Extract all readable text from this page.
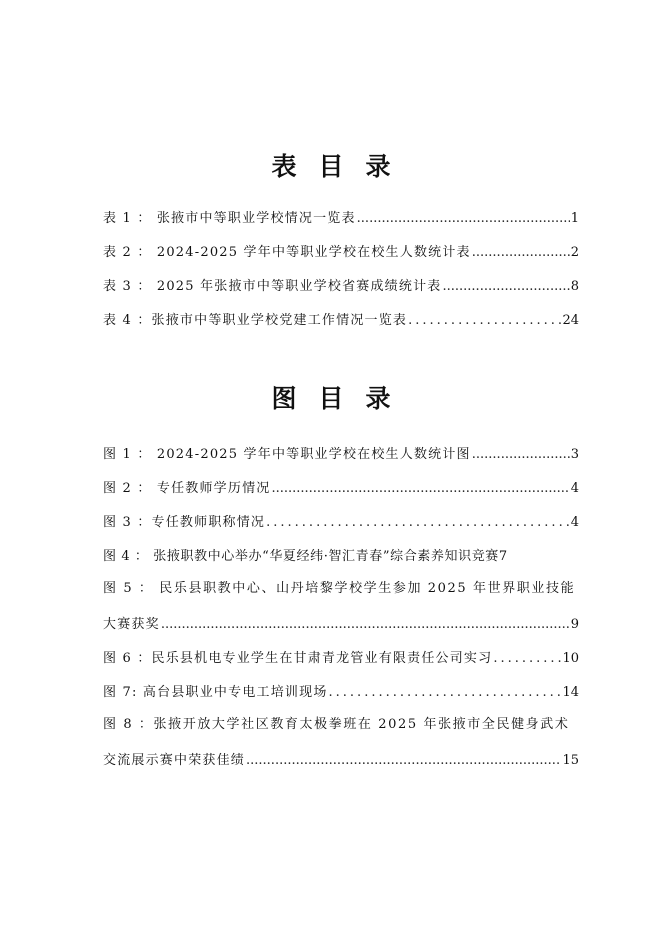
表目录
表 1 ： 张掖市中等职业学校情况一览表 .....	1
表 2 ： 2024-2025 学年中等职业学校在校生人数统计表 .....	2
表 3 ： 2025 年张掖市中等职业学校省赛成绩统计表 .....	8
表 4 ：张掖市中等职业学校党建工作情况一览表 .....	24
图目录
图 1 ： 2024-2025 学年中等职业学校在校生人数统计图 .....	3
图 2 ： 专任教师学历情况 .....	4
图 3 ：专任教师职称情况 .....	4
图 4 ： 张掖职教中心举办“华夏经纬·智汇青春”综合素养知识竞赛 7
图 5 ： 民乐县职教中心、山丹培黎学校学生参加 2025 年世界职业技能
大赛获奖 .....	9
图 6 ：民乐县机电专业学生在甘肃青龙管业有限责任公司实习 .....	10
图 7: 高台县职业中专电工培训现场 .....	14
图 8 ：张掖开放大学社区教育太极拳班在 2025 年张掖市全民健身武术
交流展示赛中荣获佳绩 .....	15
